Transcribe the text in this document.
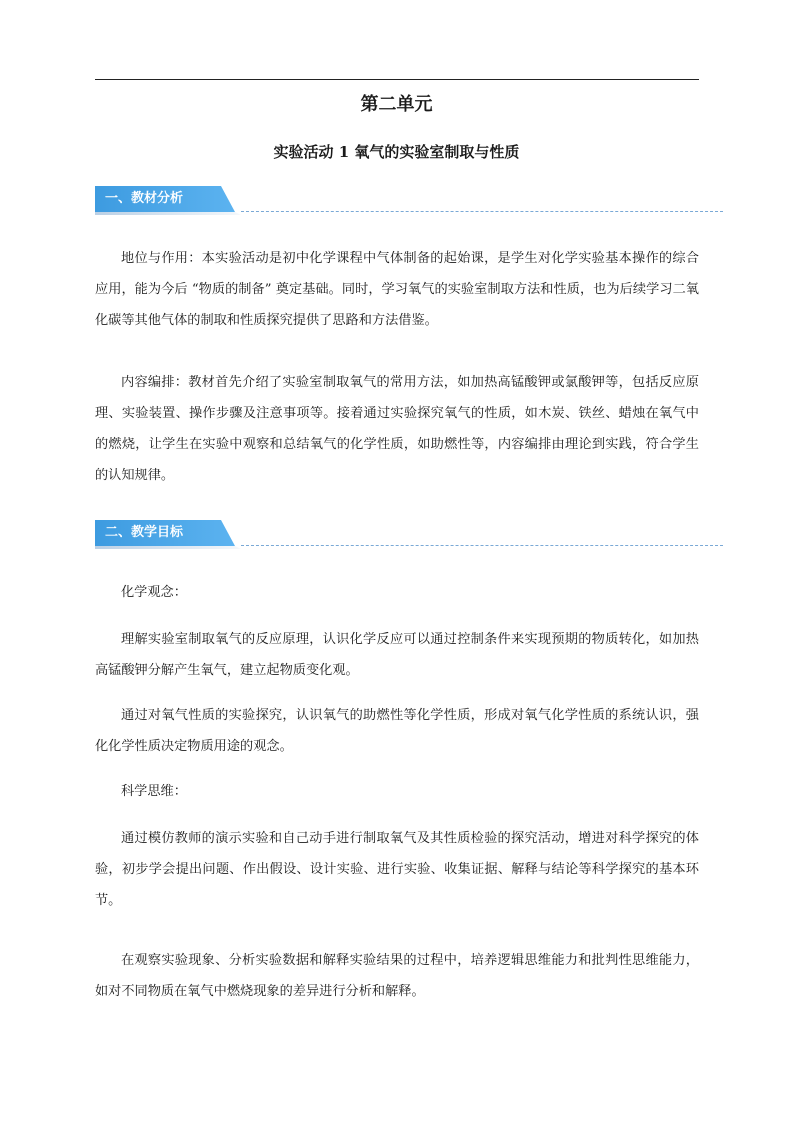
第二单元
实验活动 1 氧气的实验室制取与性质
一、教材分析

地位与作用：本实验活动是初中化学课程中气体制备的起始课，是学生对化学实验基本操作的综合应用，能为今后 “物质的制备” 奠定基础。同时，学习氧气的实验室制取方法和性质，也为后续学习二氧化碳等其他气体的制取和性质探究提供了思路和方法借鉴。

内容编排：教材首先介绍了实验室制取氧气的常用方法，如加热高锰酸钾或氯酸钾等，包括反应原理、实验装置、操作步骤及注意事项等。接着通过实验探究氧气的性质，如木炭、铁丝、蜡烛在氧气中的燃烧，让学生在实验中观察和总结氧气的化学性质，如助燃性等，内容编排由理论到实践，符合学生的认知规律。

二、教学目标

化学观念：

理解实验室制取氧气的反应原理，认识化学反应可以通过控制条件来实现预期的物质转化，如加热高锰酸钾分解产生氧气，建立起物质变化观。

通过对氧气性质的实验探究，认识氧气的助燃性等化学性质，形成对氧气化学性质的系统认识，强化化学性质决定物质用途的观念。

科学思维：

通过模仿教师的演示实验和自己动手进行制取氧气及其性质检验的探究活动，增进对科学探究的体验，初步学会提出问题、作出假设、设计实验、进行实验、收集证据、解释与结论等科学探究的基本环节。

在观察实验现象、分析实验数据和解释实验结果的过程中，培养逻辑思维能力和批判性思维能力，如对不同物质在氧气中燃烧现象的差异进行分析和解释。
